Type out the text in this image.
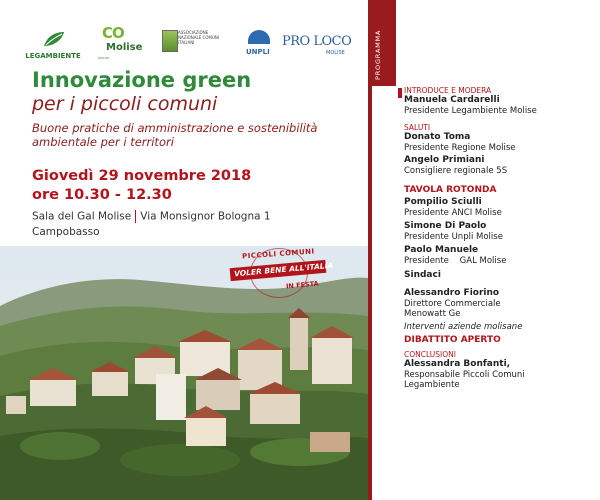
LEGAMBIENTE
CO
Molise
MOLISE
ASSOCIAZIONE NAZIONALE COMUNI ITALIANI
UNPLI
PRO LOCO
MOLISE
Innovazione green
per i piccoli comuni
Buone pratiche di amministrazione e sostenibilità ambientale per i territori
Giovedì 29 novembre 2018
ore 10.30 - 12.30
Sala del Gal Molise Via Monsignor Bologna 1
Campobasso
PICCOLI COMUNI
VOLER BENE ALL'ITALIA
IN FESTA
PROGRAMMA
INTRODUCE E MODERA
Manuela Cardarelli
Presidente Legambiente Molise
SALUTI
Donato Toma
Presidente Regione Molise
Angelo Primiani
Consigliere regionale 5S
TAVOLA ROTONDA
Pompilio Sciulli
Presidente ANCI Molise
Simone Di Paolo
Presidente Unpli Molise
Paolo Manuele
Presidente    GAL Molise
Sindaci
Alessandro Fiorino
Direttore Commerciale
Menowatt Ge
Interventi aziende molisane
DIBATTITO APERTO
CONCLUSIONI
Alessandra Bonfanti,
Responsabile Piccoli Comuni
Legambiente
